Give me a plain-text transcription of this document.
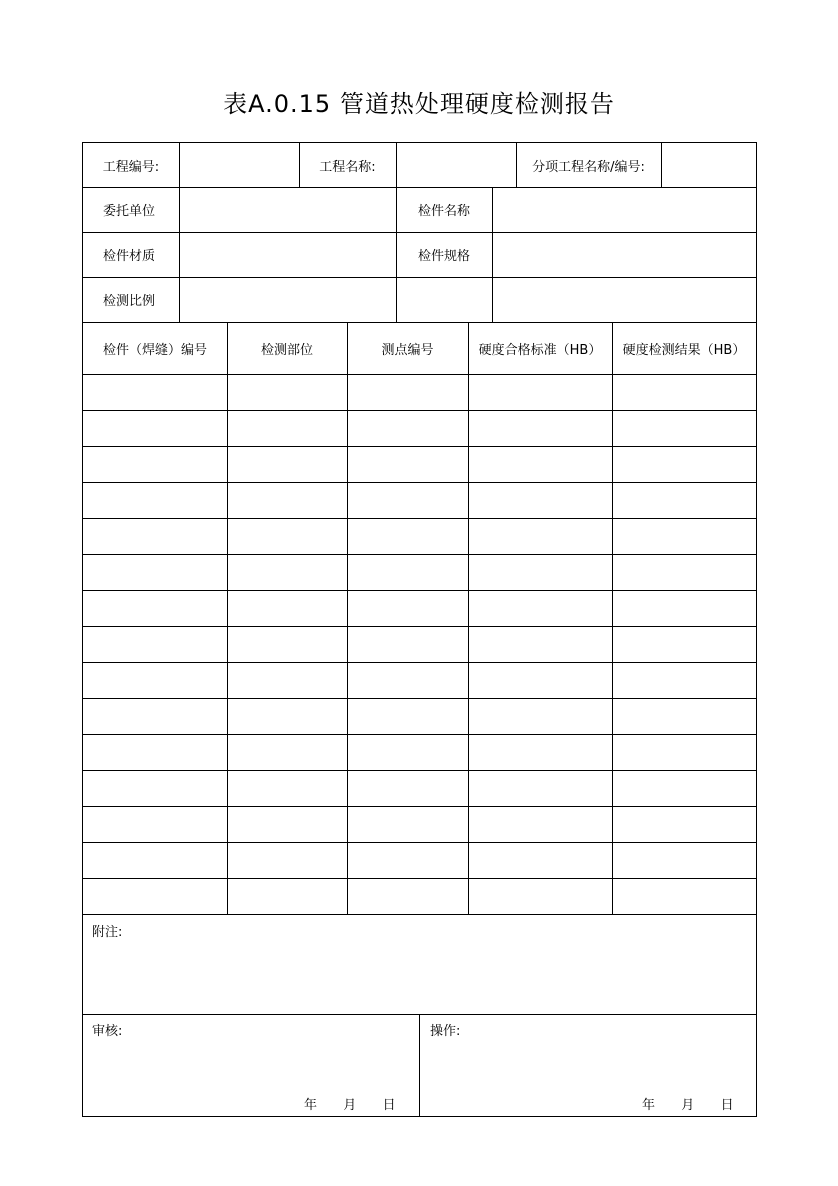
表A.0.15 管道热处理硬度检测报告
工程编号:	工程名称:	分项工程名称/编号:
委托单位	检件名称
检件材质	检件规格
检测比例
检件（焊缝）编号	检测部位	测点编号	硬度合格标准（HB）	硬度检测结果（HB）
附注:
审核:	操作:
年 月 日	年 月 日
